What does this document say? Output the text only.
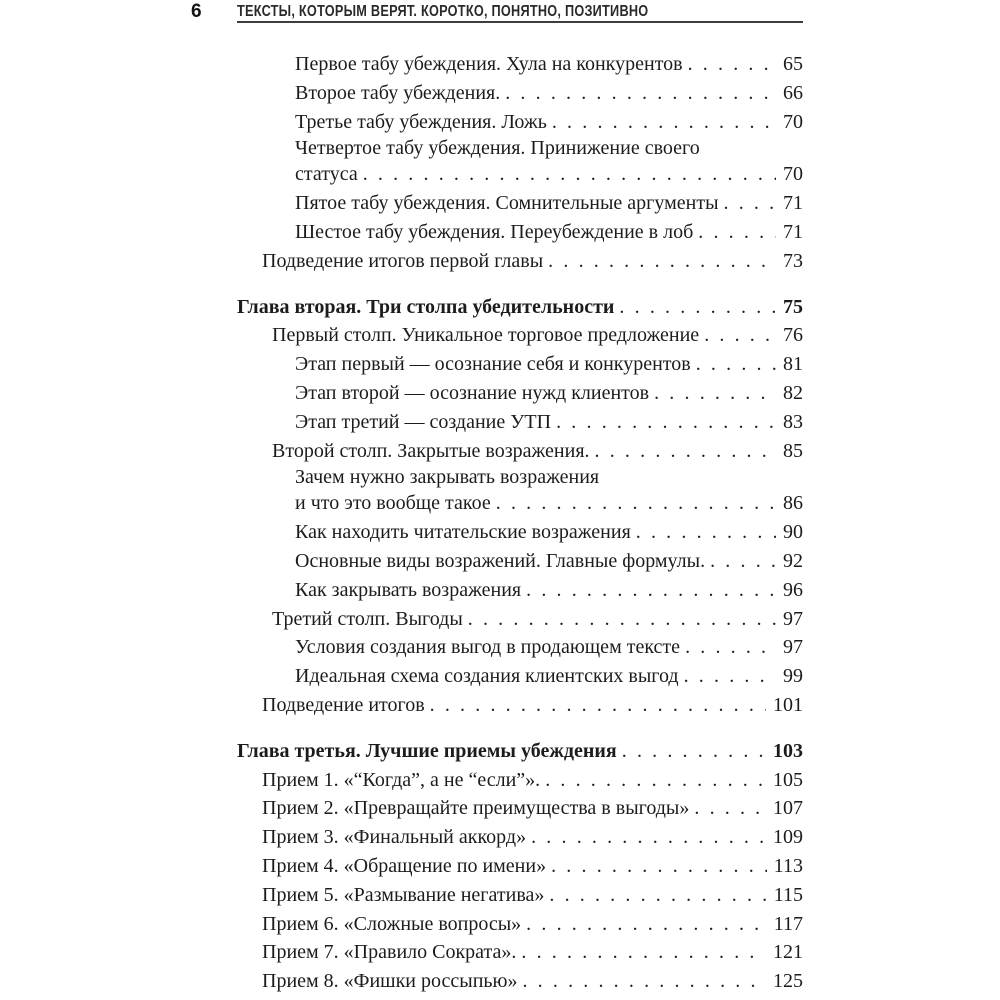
6 ТЕКСТЫ, КОТОРЫМ ВЕРЯТ. КОРОТКО, ПОНЯТНО, ПОЗИТИВНО
Первое табу убеждения. Хула на конкурентов . . .	65
Второе табу убеждения. . . .	66
Третье табу убеждения. Ложь . . .	70
Четвертое табу убеждения. Принижение своего
статуса . . .	70
Пятое табу убеждения. Сомнительные аргументы . . .	71
Шестое табу убеждения. Переубеждение в лоб . . .	71
Подведение итогов первой главы . . .	73
Глава вторая. Три столпа убедительности . . .	75
Первый столп. Уникальное торговое предложение . . .	76
Этап первый — осознание себя и конкурентов . . .	81
Этап второй — осознание нужд клиентов . . .	82
Этап третий — создание УТП . . .	83
Второй столп. Закрытые возражения. . . .	85
Зачем нужно закрывать возражения
и что это вообще такое . . .	86
Как находить читательские возражения . . .	90
Основные виды возражений. Главные формулы. . . .	92
Как закрывать возражения . . .	96
Третий столп. Выгоды . . .	97
Условия создания выгод в продающем тексте . . .	97
Идеальная схема создания клиентских выгод . . .	99
Подведение итогов . . .	101
Глава третья. Лучшие приемы убеждения . . .	103
Прием 1. «“Когда”, а не “если”». . . .	105
Прием 2. «Превращайте преимущества в выгоды» . . .	107
Прием 3. «Финальный аккорд» . . .	109
Прием 4. «Обращение по имени» . . .	113
Прием 5. «Размывание негатива» . . .	115
Прием 6. «Сложные вопросы» . . .	117
Прием 7. «Правило Сократа». . . .	121
Прием 8. «Фишки россыпью» . . .	125
